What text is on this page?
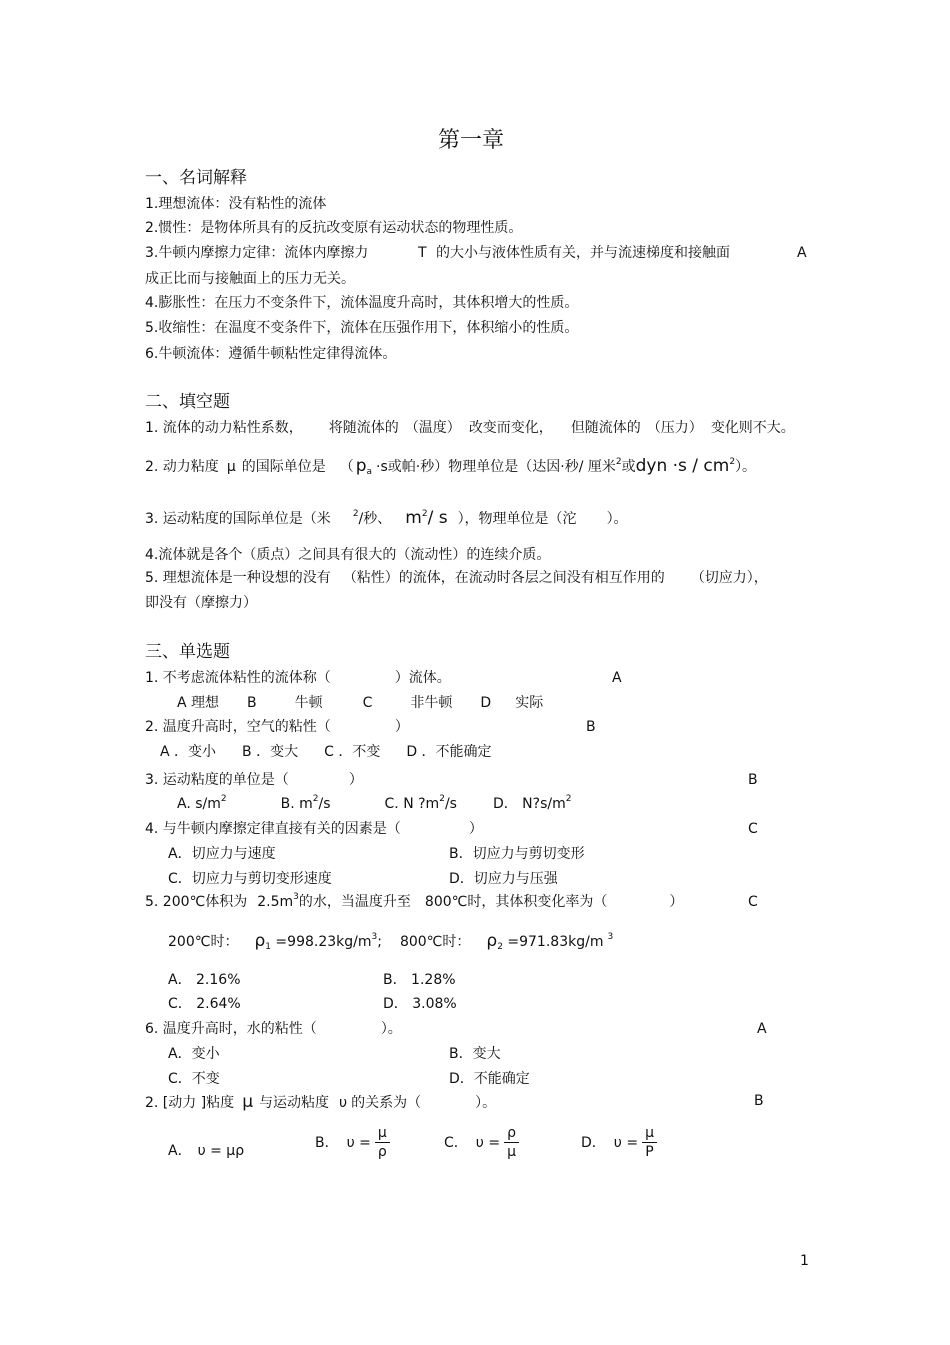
第一章
一、名词解释
1.理想流体：没有粘性的流体
2.惯性：是物体所具有的反抗改变原有运动状态的物理性质。
3.牛顿内摩擦力定律：流体内摩擦力	T 的大小与液体性质有关，并与流速梯度和接触面	A
成正比而与接触面上的压力无关。
4.膨胀性：在压力不变条件下，流体温度升高时，其体积增大的性质。
5.收缩性：在温度不变条件下，流体在压强作用下，体积缩小的性质。
6.牛顿流体：遵循牛顿粘性定律得流体。
二、填空题
1. 流体的动力粘性系数， 将随流体的 （温度） 改变而变化， 但随流体的 （压力） 变化则不大。
2. 动力粘度 μ 的国际单位是 （ $p_a \cdot s$或帕·秒）物理单位是（达因·秒/ 厘米$^2$或dyn $\cdot s / cm^2$）。
3. 运动粘度的国际单位是（米 $^2$/秒、 $m^2/$ s ），物理单位是（沱 ）。
4.流体就是各个（质点）之间具有很大的（流动性）的连续介质。
5. 理想流体是一种设想的没有 （粘性）的流体，在流动时各层之间没有相互作用的 （切应力），
即没有（摩擦力）
三、单选题
1. 不考虑流体粘性的流体称（	）流体。	A
A 理想 B	牛顿	C	非牛顿 D 实际
2. 温度升高时，空气的粘性（	）	B
A ．变小 B ．变大 C ．不变 D ．不能确定
3. 运动粘度的单位是（	）	B
A. $s/m^2$	B. $m^2/s$	C. N $?m^2/s$	D． $N?s/m^2$
4. 与牛顿内摩擦定律直接有关的因素是（	）	C
A．切应力与速度	B．切应力与剪切变形
C．切应力与剪切变形速度	D．切应力与压强
5. 200℃体积为 $2.5m^3$的水，当温度升至 800℃时，其体积变化率为（	）	C
200℃时： $\rho_1 =998.23kg/m^3$; 800℃时： $\rho_2 =971.83kg/m$ $^3$
A． 2.16%	B． 1.28%
C． 2.64%	D． 3.08%
6. 温度升高时，水的粘性（	）。	A
A．变小	B．变大
C．不变	D．不能确定
2. [动力 ]粘度 μ 与运动粘度 υ 的关系为（	）。	B
A． υ = μρ
B． $\upsilon = \frac{\mu}{\rho}$	C． $\upsilon = \frac{\rho}{\mu}$	D． $\upsilon = \frac{\mu}{P}$
1
